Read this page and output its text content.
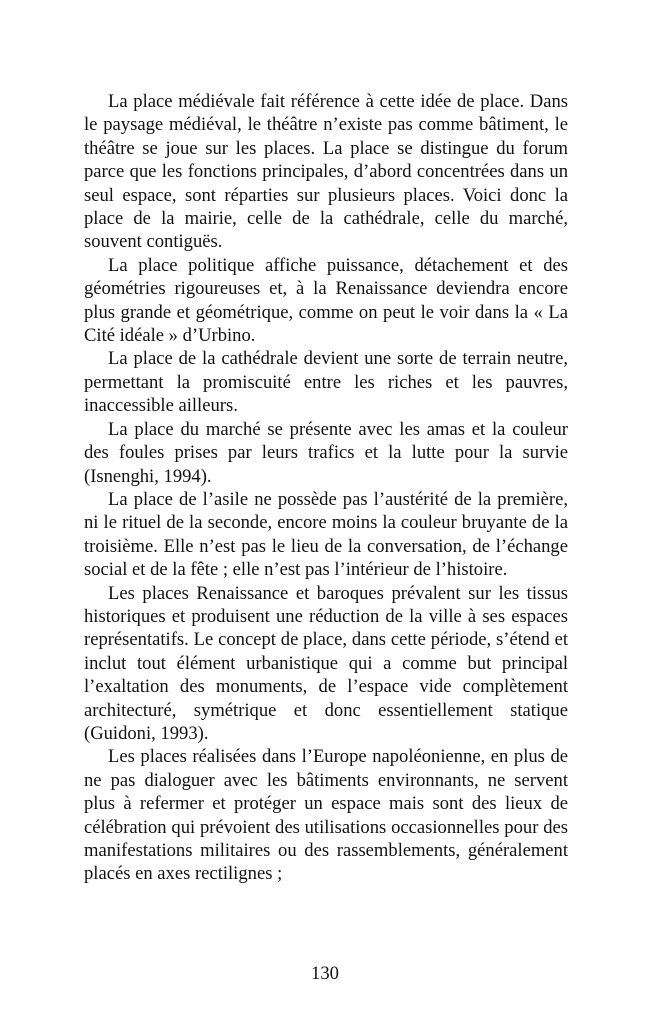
La place médiévale fait référence à cette idée de place. Dans le paysage médiéval, le théâtre n’existe pas comme bâtiment, le théâtre se joue sur les places. La place se distingue du forum parce que les fonctions principales, d’abord concentrées dans un seul espace, sont réparties sur plusieurs places. Voici donc la place de la mairie, celle de la cathédrale, celle du marché, souvent contiguës.

La place politique affiche puissance, détachement et des géométries rigoureuses et, à la Renaissance deviendra encore plus grande et géométrique, comme on peut le voir dans la « La Cité idéale » d’Urbino.

La place de la cathédrale devient une sorte de terrain neutre, permettant la promiscuité entre les riches et les pauvres, inaccessible ailleurs.

La place du marché se présente avec les amas et la couleur des foules prises par leurs trafics et la lutte pour la survie (Isnenghi, 1994).

La place de l’asile ne possède pas l’austérité de la première, ni le rituel de la seconde, encore moins la couleur bruyante de la troisième. Elle n’est pas le lieu de la conversation, de l’échange social et de la fête ; elle n’est pas l’intérieur de l’histoire.

Les places Renaissance et baroques prévalent sur les tissus historiques et produisent une réduction de la ville à ses espaces représentatifs. Le concept de place, dans cette période, s’étend et inclut tout élément urbanistique qui a comme but principal l’exaltation des monuments, de l’espace vide complètement architecturé, symétrique et donc essentiellement statique (Guidoni, 1993).

Les places réalisées dans l’Europe napoléonienne, en plus de ne pas dialoguer avec les bâtiments environnants, ne servent plus à refermer et protéger un espace mais sont des lieux de célébration qui prévoient des utilisations occasionnelles pour des manifestations militaires ou des rassemblements, généralement placés en axes rectilignes ;

130
